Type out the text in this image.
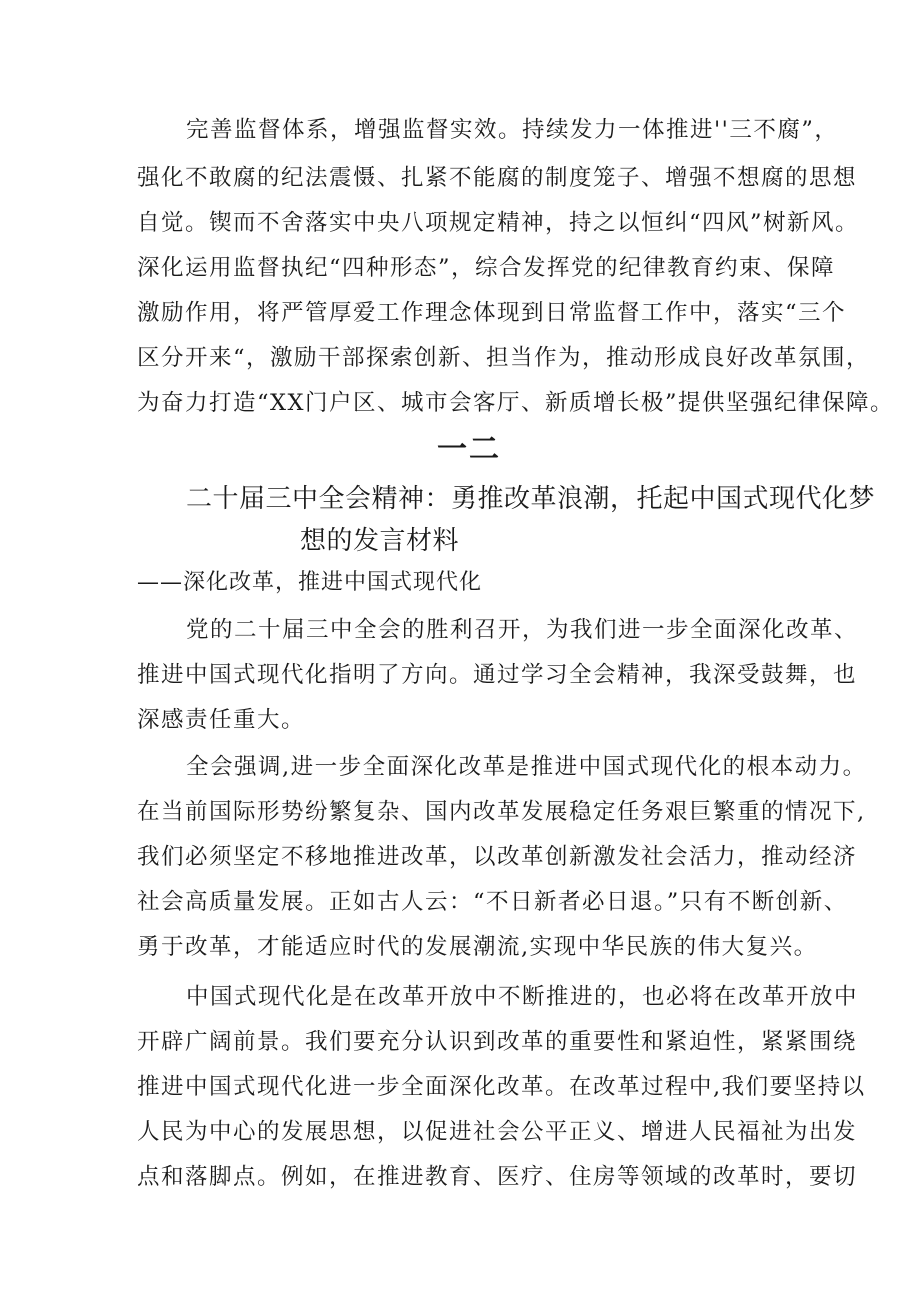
完善监督体系，增强监督实效。持续发力一体推进''三不腐”，
强化不敢腐的纪法震慑、扎紧不能腐的制度笼子、增强不想腐的思想
自觉。锲而不舍落实中央八项规定精神，持之以恒纠“四风”树新风。
深化运用监督执纪“四种形态”，综合发挥党的纪律教育约束、保障
激励作用，将严管厚爱工作理念体现到日常监督工作中，落实“三个
区分开来“，激励干部探索创新、担当作为，推动形成良好改革氛围，
为奋力打造“XX门户区、城市会客厅、新质增长极”提供坚强纪律保障。
一二
二十届三中全会精神：勇推改革浪潮，托起中国式现代化梦
想的发言材料
——深化改革，推进中国式现代化
党的二十届三中全会的胜利召开，为我们进一步全面深化改革、
推进中国式现代化指明了方向。通过学习全会精神，我深受鼓舞，也
深感责任重大。
全会强调,进一步全面深化改革是推进中国式现代化的根本动力。
在当前国际形势纷繁复杂、国内改革发展稳定任务艰巨繁重的情况下,
我们必须坚定不移地推进改革，以改革创新激发社会活力，推动经济
社会高质量发展。正如古人云：“不日新者必日退。”只有不断创新、
勇于改革，才能适应时代的发展潮流,实现中华民族的伟大复兴。
中国式现代化是在改革开放中不断推进的，也必将在改革开放中
开辟广阔前景。我们要充分认识到改革的重要性和紧迫性，紧紧围绕
推进中国式现代化进一步全面深化改革。在改革过程中,我们要坚持以
人民为中心的发展思想，以促进社会公平正义、增进人民福祉为出发
点和落脚点。例如，在推进教育、医疗、住房等领域的改革时，要切
